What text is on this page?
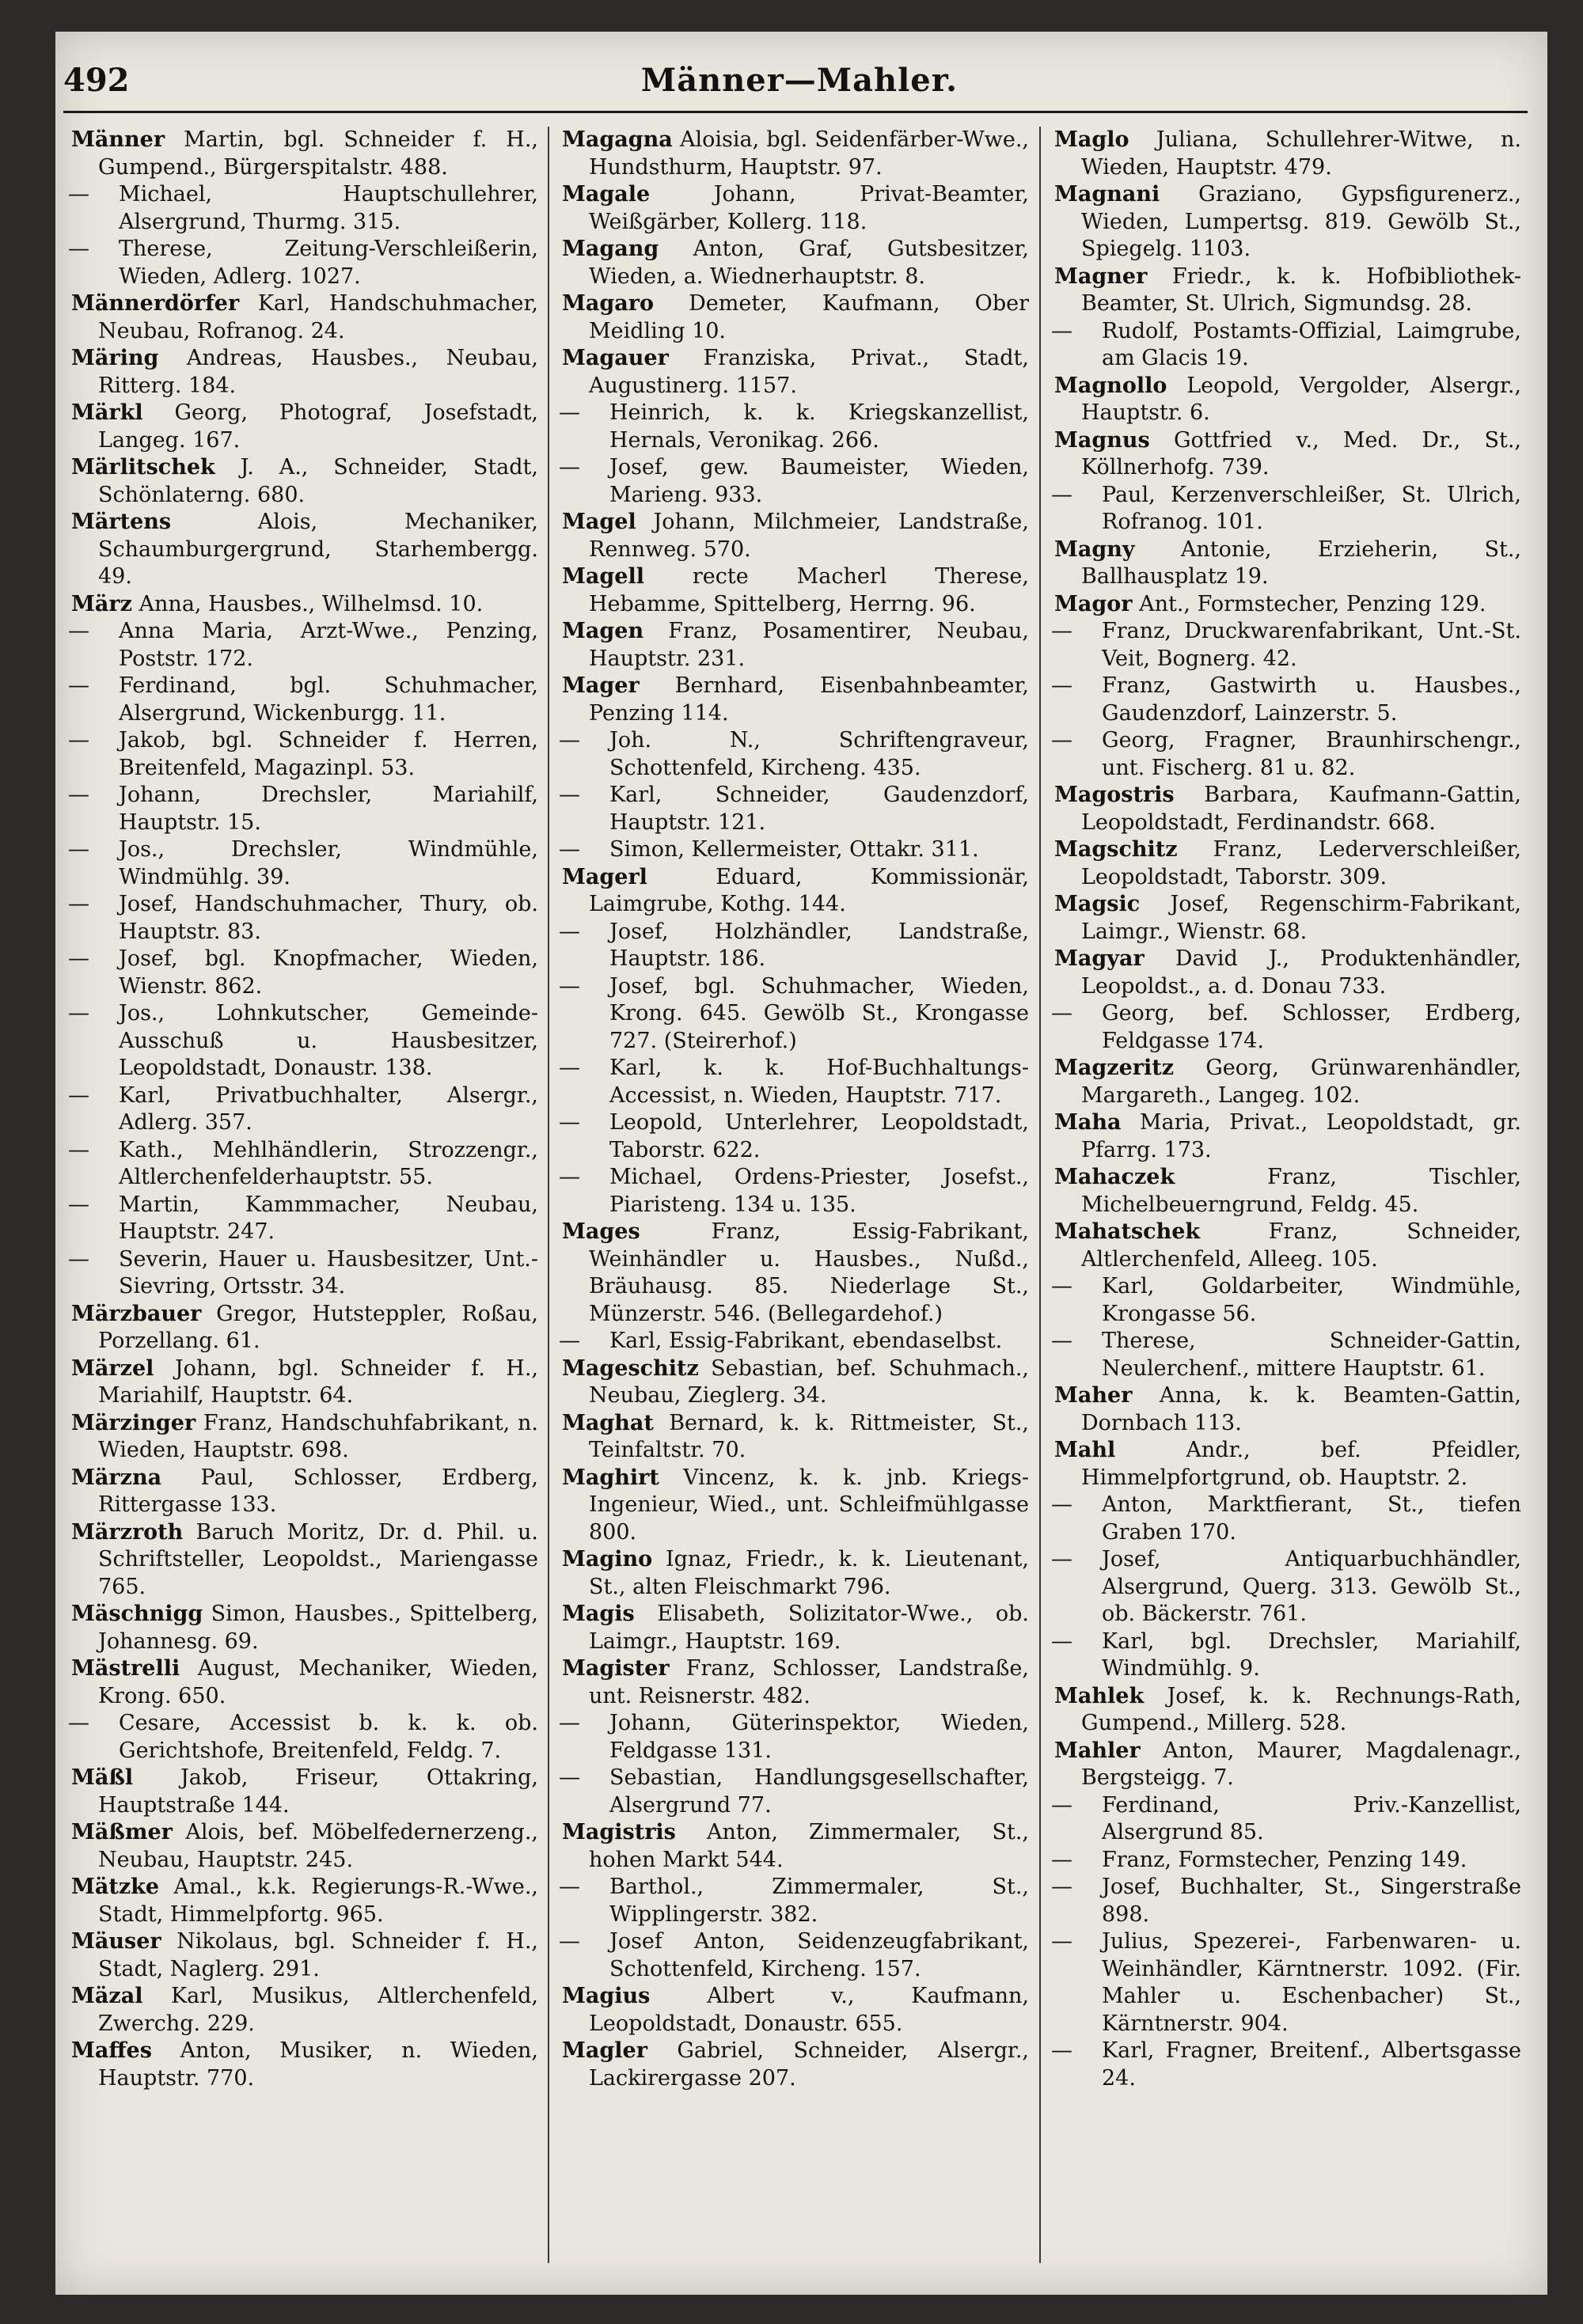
492	Männer—Mahler.

Männer Martin, bgl. Schneider f. H., Gumpend., Bürgerspitalstr. 488.

— Michael, Hauptschullehrer, Alsergrund, Thurmg. 315.

— Therese, Zeitung-Verschleißerin, Wieden, Adlerg. 1027.

Männerdörfer Karl, Handschuhmacher, Neubau, Rofranog. 24.

Märing Andreas, Hausbes., Neubau, Ritterg. 184.

Märkl Georg, Photograf, Josefstadt, Langeg. 167.

Märlitschek J. A., Schneider, Stadt, Schönlaterng. 680.

Märtens	Alois, Mechaniker, Schaumburgergrund, Starhembergg. 49.

März Anna, Hausbes., Wilhelmsd. 10.

— Anna Maria, Arzt-Wwe., Penzing, Poststr. 172.

— Ferdinand, bgl. Schuhmacher, Alsergrund, Wickenburgg. 11.

— Jakob, bgl. Schneider f. Herren, Breitenfeld, Magazinpl. 53.

— Johann, Drechsler, Mariahilf, Hauptstr. 15.

— Jos., Drechsler, Windmühle, Windmühlg. 39.

— Josef, Handschuhmacher, Thury, ob. Hauptstr. 83.

— Josef, bgl. Knopfmacher, Wieden, Wienstr. 862.

— Jos., Lohnkutscher, Gemeinde-Ausschuß u. Hausbesitzer, Leopoldstadt, Donaustr. 138.

— Karl, Privatbuchhalter, Alsergr., Adlerg. 357.

— Kath., Mehlhändlerin, Strozzengr., Altlerchenfelderhauptstr. 55.

— Martin, Kammmacher, Neubau, Hauptstr. 247.

— Severin, Hauer u. Hausbesitzer, Unt.-Sievring, Ortsstr. 34.

Märzbauer Gregor, Hutsteppler, Roßau, Porzellang. 61.

Märzel Johann, bgl. Schneider f. H., Mariahilf, Hauptstr. 64.

Märzinger Franz, Handschuhfabrikant, n. Wieden, Hauptstr. 698.

Märzna Paul, Schlosser, Erdberg, Rittergasse 133.

Märzroth Baruch Moritz, Dr. d. Phil. u. Schriftsteller, Leopoldst., Mariengasse 765.

Mäschnigg Simon, Hausbes., Spittelberg, Johannesg. 69.

Mästrelli August, Mechaniker, Wieden, Krong. 650.

— Cesare, Accessist b. k. k. ob. Gerichtshofe, Breitenfeld, Feldg. 7.

Mäßl Jakob, Friseur, Ottakring, Hauptstraße 144.

Mäßmer Alois, bef. Möbelfedernerzeng., Neubau, Hauptstr. 245.

Mätzke Amal., k.k. Regierungs-R.-Wwe., Stadt, Himmelpfortg. 965.

Mäuser Nikolaus, bgl. Schneider f. H., Stadt, Naglerg. 291.

Mäzal Karl, Musikus, Altlerchenfeld, Zwerchg. 229.

Maffes Anton, Musiker, n. Wieden, Hauptstr. 770.

Magagna Aloisia, bgl. Seidenfärber-Wwe., Hundsthurm, Hauptstr. 97.

Magale	Johann, Privat-Beamter, Weißgärber, Kollerg. 118.

Magang Anton, Graf, Gutsbesitzer, Wieden, a. Wiednerhauptstr. 8.

Magaro Demeter, Kaufmann, Ober Meidling 10.

Magauer Franziska, Privat., Stadt, Augustinerg. 1157.

— Heinrich, k. k. Kriegskanzellist, Hernals, Veronikag. 266.

— Josef, gew. Baumeister, Wieden, Marieng. 933.

Magel Johann, Milchmeier, Landstraße, Rennweg. 570.

Magell recte Macherl Therese, Hebamme, Spittelberg, Herrng. 96.

Magen Franz, Posamentirer, Neubau, Hauptstr. 231.

Mager Bernhard, Eisenbahnbeamter, Penzing 114.

— Joh. N., Schriftengraveur, Schottenfeld, Kircheng. 435.

— Karl, Schneider, Gaudenzdorf, Hauptstr. 121.

— Simon, Kellermeister, Ottakr. 311.

Magerl	Eduard, Kommissionär, Laimgrube, Kothg. 144.

— Josef, Holzhändler, Landstraße, Hauptstr. 186.

— Josef, bgl. Schuhmacher, Wieden, Krong. 645. Gewölb St., Krongasse 727. (Steirerhof.)

— Karl, k. k. Hof-Buchhaltungs-Accessist, n. Wieden, Hauptstr. 717.

— Leopold, Unterlehrer, Leopoldstadt, Taborstr. 622.

— Michael, Ordens-Priester, Josefst., Piaristeng. 134 u. 135.

Mages	Franz, Essig-Fabrikant, Weinhändler u. Hausbes., Nußd., Bräuhausg. 85. Niederlage St., Münzerstr. 546. (Bellegardehof.)

— Karl, Essig-Fabrikant, ebendaselbst.

Mageschitz Sebastian, bef. Schuhmach., Neubau, Zieglerg. 34.

Maghat Bernard, k. k. Rittmeister, St., Teinfaltstr. 70.

Maghirt Vincenz, k. k. jnb. Kriegs-Ingenieur, Wied., unt. Schleifmühlgasse 800.

Magino Ignaz, Friedr., k. k. Lieutenant, St., alten Fleischmarkt 796.

Magis Elisabeth, Solizitator-Wwe., ob. Laimgr., Hauptstr. 169.

Magister Franz, Schlosser, Landstraße, unt. Reisnerstr. 482.

— Johann, Güterinspektor, Wieden, Feldgasse 131.

— Sebastian, Handlungsgesellschafter, Alsergrund 77.

Magistris Anton, Zimmermaler, St., hohen Markt 544.

— Barthol., Zimmermaler, St., Wipplingerstr. 382.

— Josef Anton, Seidenzeugfabrikant, Schottenfeld, Kircheng. 157.

Magius	Albert v., Kaufmann, Leopoldstadt, Donaustr. 655.

Magler Gabriel, Schneider, Alsergr., Lackirergasse 207.

Maglo Juliana, Schullehrer-Witwe, n. Wieden, Hauptstr. 479.

Magnani Graziano, Gypsfigurenerz., Wieden, Lumpertsg. 819. Gewölb St., Spiegelg. 1103.

Magner Friedr., k. k. Hofbibliothek-Beamter, St. Ulrich, Sigmundsg. 28.

— Rudolf, Postamts-Offizial, Laimgrube, am Glacis 19.

Magnollo Leopold, Vergolder, Alsergr., Hauptstr. 6.

Magnus Gottfried v., Med. Dr., St., Köllnerhofg. 739.

— Paul, Kerzenverschleißer, St. Ulrich, Rofranog. 101.

Magny Antonie, Erzieherin, St., Ballhausplatz 19.

Magor Ant., Formstecher, Penzing 129.

— Franz, Druckwarenfabrikant, Unt.-St. Veit, Bognerg. 42.

— Franz, Gastwirth u. Hausbes., Gaudenzdorf, Lainzerstr. 5.

— Georg, Fragner, Braunhirschengr., unt. Fischerg. 81 u. 82.

Magostris Barbara, Kaufmann-Gattin, Leopoldstadt, Ferdinandstr. 668.

Magschitz Franz, Lederverschleißer, Leopoldstadt, Taborstr. 309.

Magsic Josef, Regenschirm-Fabrikant, Laimgr., Wienstr. 68.

Magyar David J., Produktenhändler, Leopoldst., a. d. Donau 733.

— Georg, bef. Schlosser, Erdberg, Feldgasse 174.

Magzeritz Georg, Grünwarenhändler, Margareth., Langeg. 102.

Maha Maria, Privat., Leopoldstadt, gr. Pfarrg. 173.

Mahaczek	Franz, Tischler, Michelbeuerngrund, Feldg. 45.

Mahatschek	Franz, Schneider, Altlerchenfeld, Alleeg. 105.

— Karl, Goldarbeiter, Windmühle, Krongasse 56.

— Therese, Schneider-Gattin, Neulerchenf., mittere Hauptstr. 61.

Maher Anna, k. k. Beamten-Gattin, Dornbach 113.

Mahl	Andr., bef. Pfeidler, Himmelpfortgrund, ob. Hauptstr. 2.

— Anton, Marktfierant, St., tiefen Graben 170.

— Josef, Antiquarbuchhändler, Alsergrund, Querg. 313. Gewölb St., ob. Bäckerstr. 761.

— Karl, bgl. Drechsler, Mariahilf, Windmühlg. 9.

Mahlek Josef, k. k. Rechnungs-Rath, Gumpend., Millerg. 528.

Mahler Anton, Maurer, Magdalenagr., Bergsteigg. 7.

— Ferdinand, Priv.-Kanzellist, Alsergrund 85.

— Franz, Formstecher, Penzing 149.

— Josef, Buchhalter, St., Singerstraße 898.

— Julius, Spezerei-, Farbenwaren- u. Weinhändler, Kärntnerstr. 1092. (Fir. Mahler u. Eschenbacher) St., Kärntnerstr. 904.

— Karl, Fragner, Breitenf., Albertsgasse 24.
